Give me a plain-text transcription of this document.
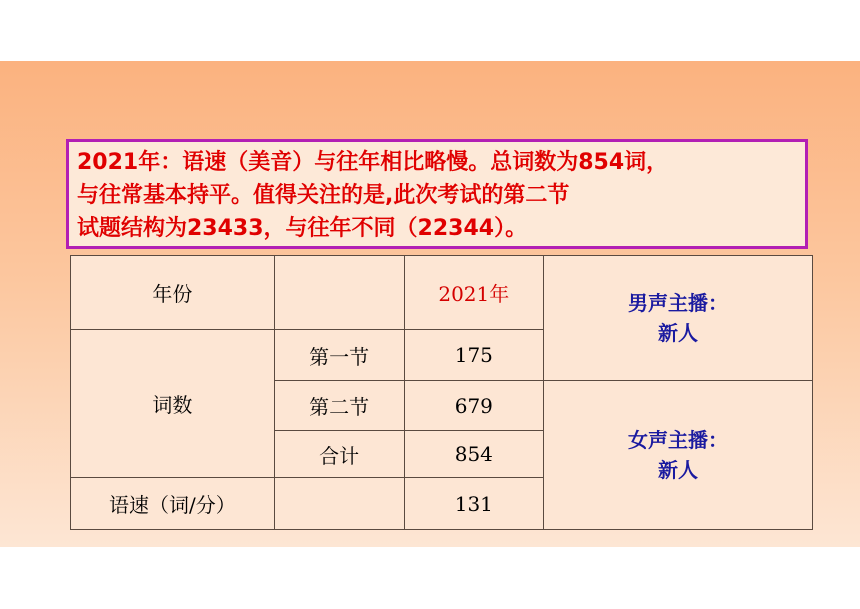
2021年：语速（美音）与往年相比略慢。总词数为854词，
与往常基本持平。值得关注的是,此次考试的第二节
试题结构为23433，与往年不同（22344）。
年份		2021年	男声主播：
新人

词数	第一节	175	
	第二节	679	女声主播：
新人

	合计	854	
语速（词/分）		131	
